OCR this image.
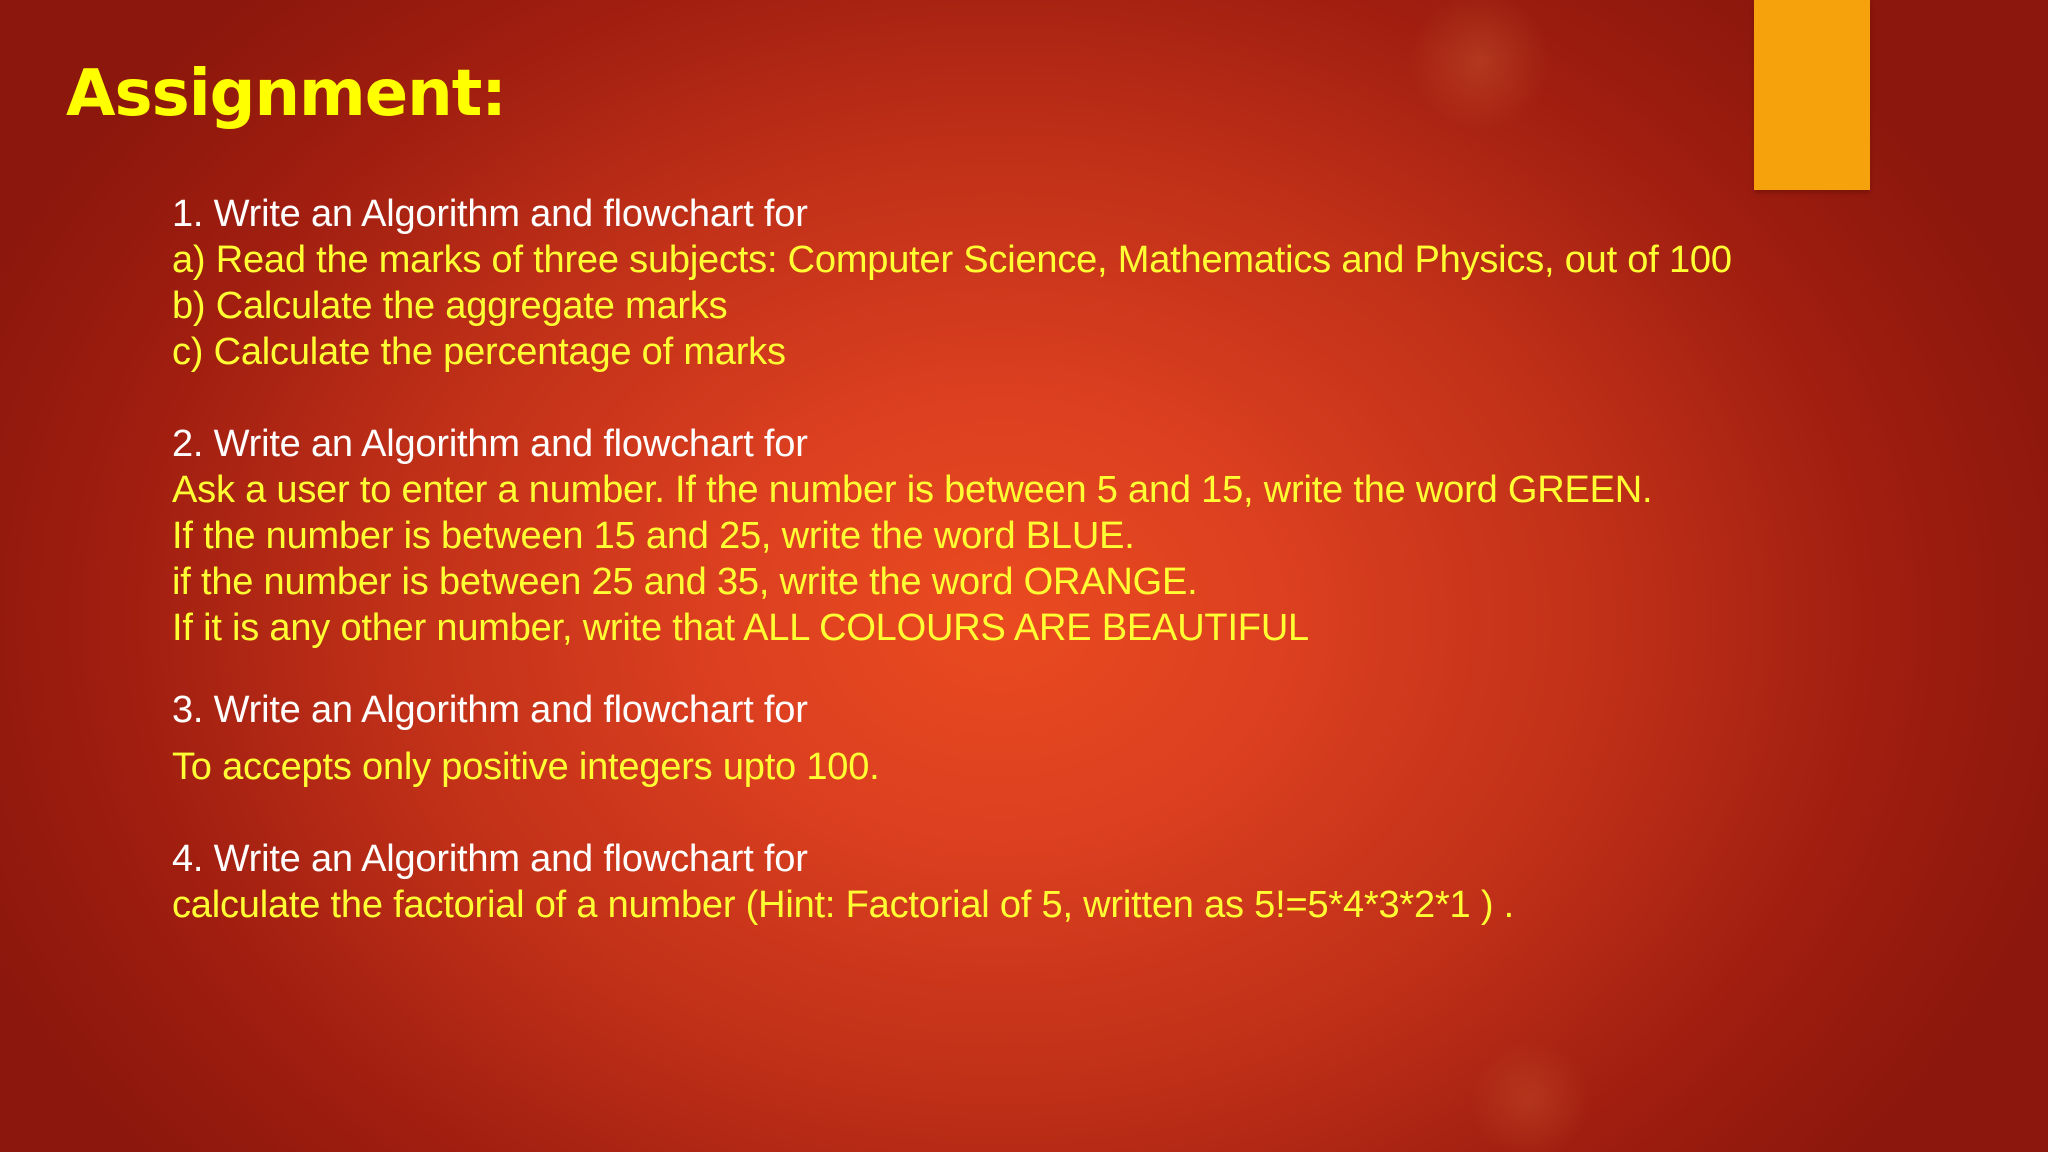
Assignment:

1. Write an Algorithm and flowchart for

a) Read the marks of three subjects: Computer Science, Mathematics and Physics, out of 100

b) Calculate the aggregate marks

c) Calculate the percentage of marks

2. Write an Algorithm and flowchart for

Ask a user to enter a number. If the number is between 5 and 15, write the word GREEN.

If the number is between 15 and 25, write the word BLUE.

if the number is between 25 and 35, write the word ORANGE.

If it is any other number, write that ALL COLOURS ARE BEAUTIFUL

3. Write an Algorithm and flowchart for

To accepts only positive integers upto 100.

4. Write an Algorithm and flowchart for

calculate the factorial of a number (Hint: Factorial of 5, written as 5!=5*4*3*2*1 ) .
